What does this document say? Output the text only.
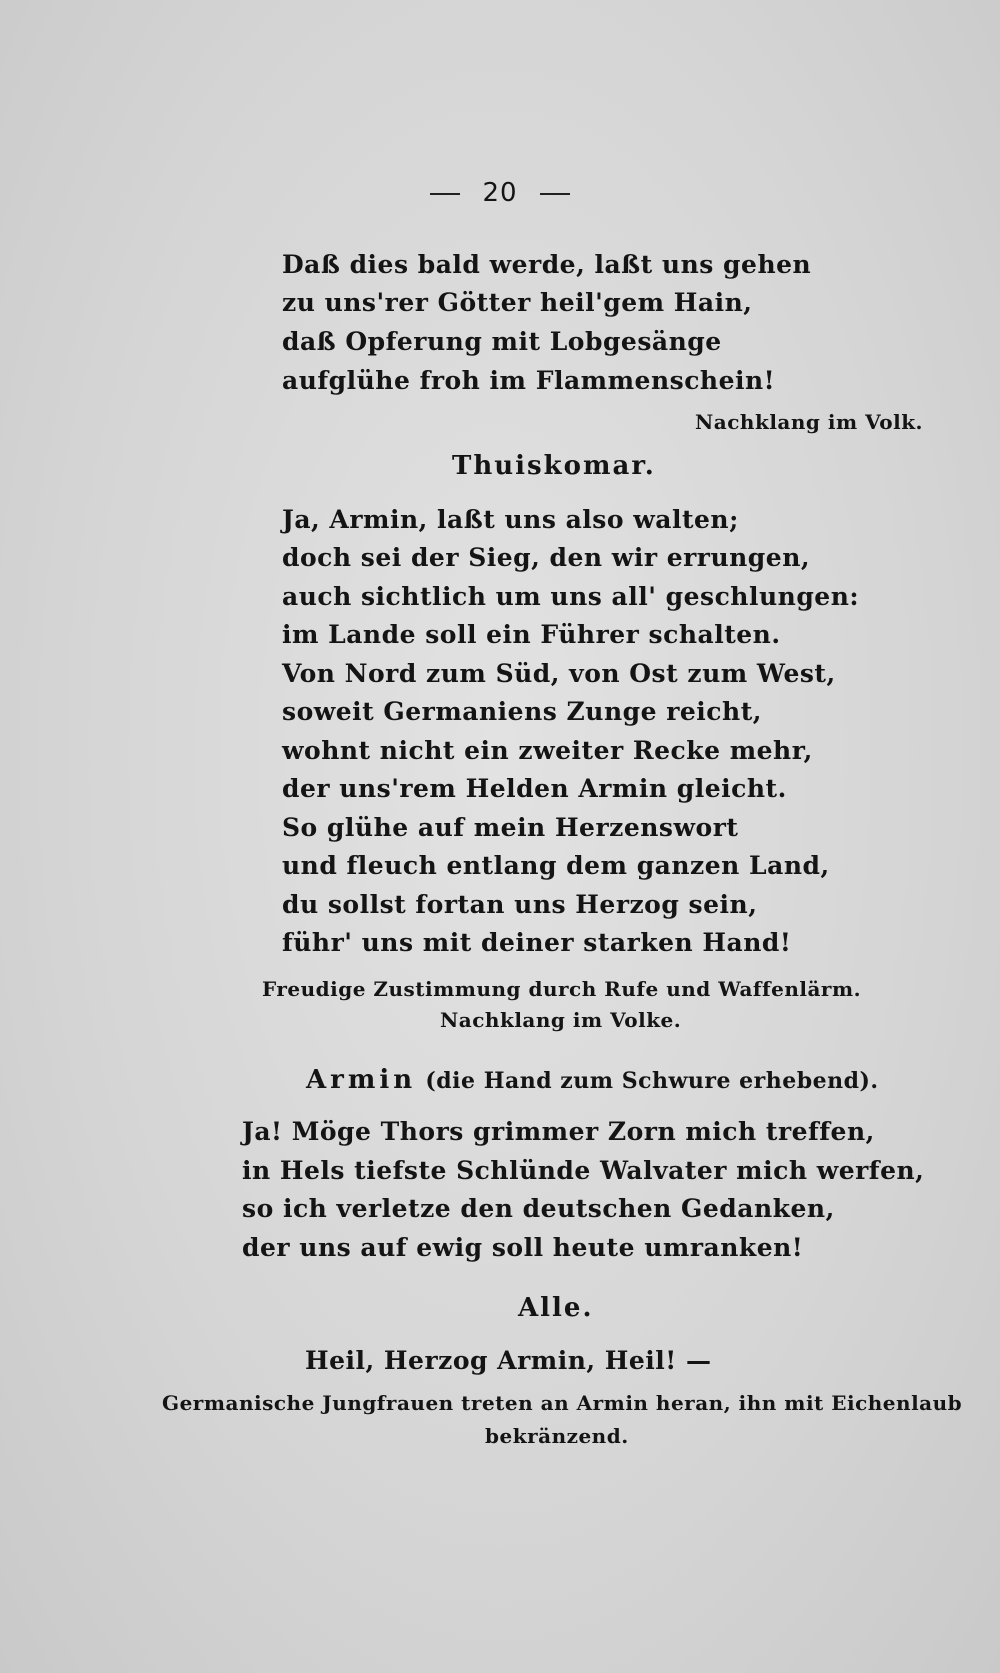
20
Daß dies bald werde, laßt uns gehen
zu uns'rer Götter heil'gem Hain,
daß Opferung mit Lobgesänge
aufglühe froh im Flammenschein!
Nachklang im Volk.
Thuiskomar.
Ja, Armin, laßt uns also walten;
doch sei der Sieg, den wir errungen,
auch sichtlich um uns all' geschlungen:
im Lande soll ein Führer schalten.
Von Nord zum Süd, von Ost zum West,
soweit Germaniens Zunge reicht,
wohnt nicht ein zweiter Recke mehr,
der uns'rem Helden Armin gleicht.
So glühe auf mein Herzenswort
und fleuch entlang dem ganzen Land,
du sollst fortan uns Herzog sein,
führ' uns mit deiner starken Hand!
Freudige Zustimmung durch Rufe und Waffenlärm.
Nachklang im Volke.
Armin (die Hand zum Schwure erhebend).
Ja! Möge Thors grimmer Zorn mich treffen,
in Hels tiefste Schlünde Walvater mich werfen,
so ich verletze den deutschen Gedanken,
der uns auf ewig soll heute umranken!
Alle.
Heil, Herzog Armin, Heil! —
Germanische Jungfrauen treten an Armin heran, ihn mit Eichenlaub
bekränzend.
